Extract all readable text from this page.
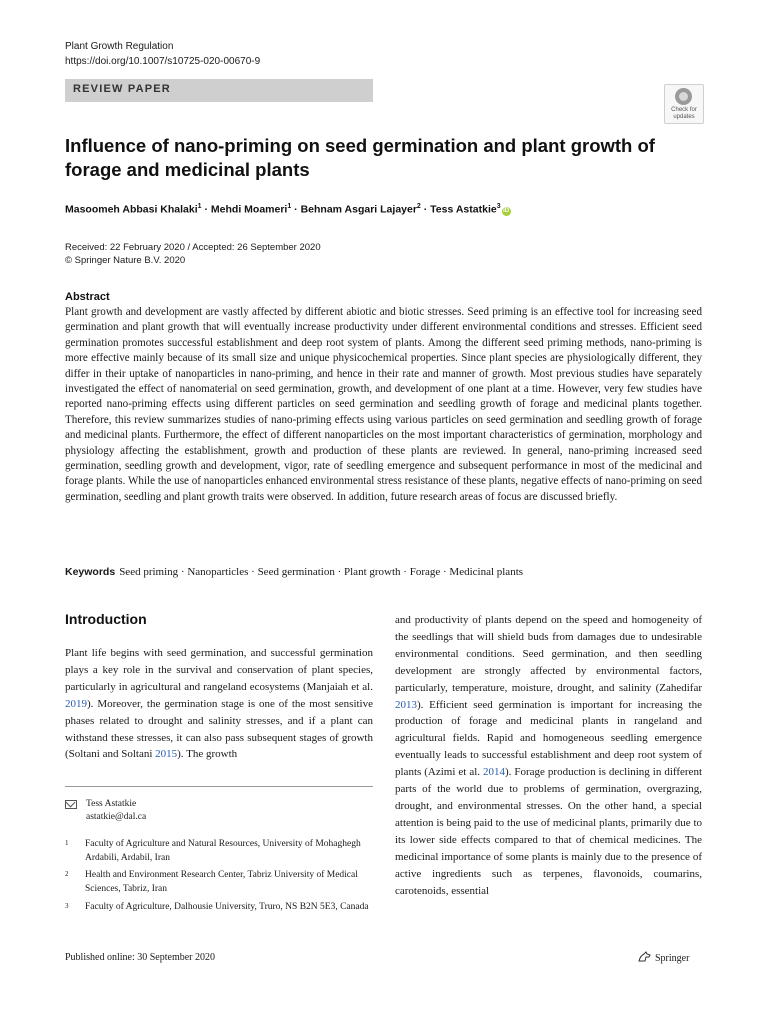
Plant Growth Regulation
https://doi.org/10.1007/s10725-020-00670-9
REVIEW PAPER
Check for updates
Influence of nano-priming on seed germination and plant growth of forage and medicinal plants
Masoomeh Abbasi Khalaki$^1$ · Mehdi Moameri$^1$ · Behnam Asgari Lajayer$^2$ · Tess Astatkie$^3$iD
Received: 22 February 2020 / Accepted: 26 September 2020
© Springer Nature B.V. 2020
Abstract
Plant growth and development are vastly affected by different abiotic and biotic stresses. Seed priming is an effective tool for increasing seed germination and plant growth that will eventually increase productivity under different environmental conditions and stresses. Efficient seed germination promotes successful establishment and deep root system of plants. Among the different seed priming methods, nano-priming is more effective mainly because of its small size and unique physicochemical properties. Since plant species are physiologically different, they differ in their uptake of nanoparticles in nano-priming, and hence in their rate and manner of growth. Most previous studies have separately investigated the effect of nanomaterial on seed germination, growth, and development of one plant at a time. However, very few studies have reported nano-priming effects using different particles on seed germination and seedling growth of forage and medicinal plants together. Therefore, this review summarizes studies of nano-priming effects using various particles on seed germination and seedling growth of forage and medicinal plants. Furthermore, the effect of different nanoparticles on the most important characteristics of germination, morphology and physiology affecting the establishment, growth and production of these plants are reviewed. In general, nano-priming increased seed germination, seedling growth and development, vigor, rate of seedling emergence and subsequent performance in most of the medicinal and forage plants. While the use of nanoparticles enhanced environmental stress resistance of these plants, negative effects of nano-priming on seed germination, seedling and plant growth traits were observed. In addition, future research areas of focus are discussed briefly.
Keywords Seed priming · Nanoparticles · Seed germination · Plant growth · Forage · Medicinal plants
Introduction
Plant life begins with seed germination, and successful germination plays a key role in the survival and conservation of plant species, particularly in agricultural and rangeland ecosystems (Manjaiah et al. 2019). Moreover, the germination stage is one of the most sensitive phases related to drought and salinity stresses, and if a plant can withstand these stresses, it can also pass subsequent stages of growth (Soltani and Soltani 2015). The growth
and productivity of plants depend on the speed and homogeneity of the seedlings that will shield buds from damages due to undesirable environmental conditions. Seed germination, and then seedling development are strongly affected by environmental factors, particularly, temperature, moisture, drought, and salinity (Zahedifar 2013). Efficient seed germination is important for increasing the production of forage and medicinal plants in rangeland and agricultural fields. Rapid and homogeneous seedling emergence eventually leads to successful establishment and deep root system of plants (Azimi et al. 2014). Forage production is declining in different parts of the world due to problems of germination, overgrazing, drought, and environmental stresses. On the other hand, a special attention is being paid to the use of medicinal plants, primarily due to its lower side effects compared to that of chemical medicines. The medicinal importance of some plants is mainly due to the presence of active ingredients such as terpenes, flavonoids, coumarins, carotenoids, essential
Tess Astatkie
astatkie@dal.ca
1 Faculty of Agriculture and Natural Resources, University of Mohaghegh Ardabili, Ardabil, Iran
2 Health and Environment Research Center, Tabriz University of Medical Sciences, Tabriz, Iran
3 Faculty of Agriculture, Dalhousie University, Truro, NS B2N 5E3, Canada
Published online: 30 September 2020	Springer
